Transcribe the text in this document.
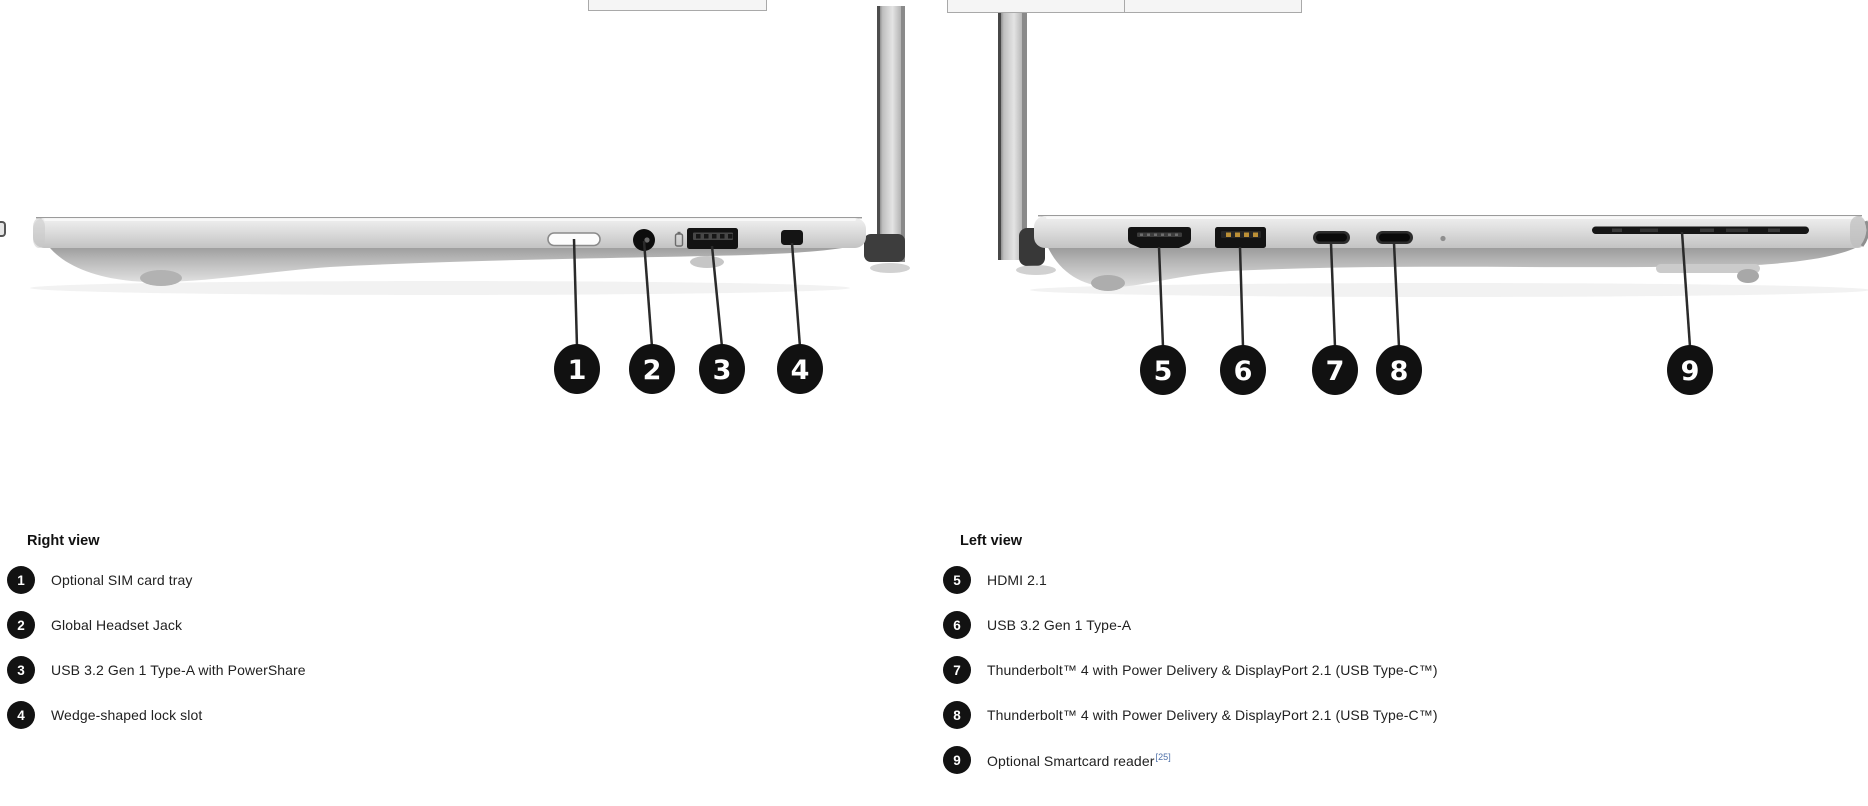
1 2 3 4	5 6	7 8	9
Right view
1	Optional SIM card tray
2	Global Headset Jack
3	USB 3.2 Gen 1 Type-A with PowerShare
4	Wedge-shaped lock slot
Left view
5	HDMI 2.1
6	USB 3.2 Gen 1 Type-A
7	Thunderbolt™ 4 with Power Delivery & DisplayPort 2.1 (USB Type-C™)
8	Thunderbolt™ 4 with Power Delivery & DisplayPort 2.1 (USB Type-C™)
9	Optional Smartcard reader[25]
